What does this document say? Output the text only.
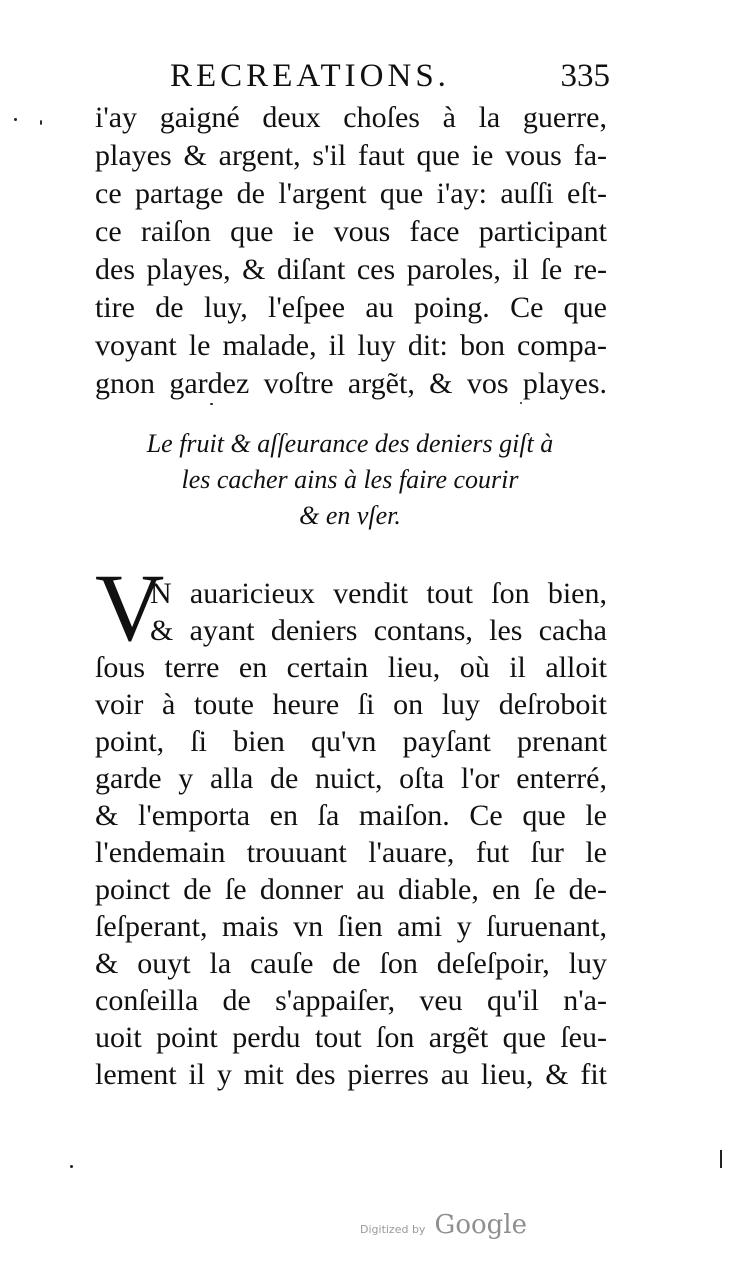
RECREATIONS.	335
i'ay gaigné deux choſes à la guerre,
playes & argent, s'il faut que ie vous fa-
ce partage de l'argent que i'ay: auſſi eſt-
ce raiſon que ie vous face participant
des playes, & diſant ces paroles, il ſe re-
tire de luy, l'eſpee au poing. Ce que
voyant le malade, il luy dit: bon compa-
gnon gardez voſtre argẽt, & vos playes.
Le fruit & aſſeurance des deniers giſt à
les cacher ains à les faire courir
& en vſer.
V
N auaricieux vendit tout ſon bien,
& ayant deniers contans, les cacha
ſous terre en certain lieu, où il alloit
voir à toute heure ſi on luy deſroboit
point, ſi bien qu'vn payſant prenant
garde y alla de nuict, oſta l'or enterré,
& l'emporta en ſa maiſon. Ce que le
l'endemain trouuant l'auare, fut ſur le
poinct de ſe donner au diable, en ſe de-
ſeſperant, mais vn ſien ami y ſuruenant,
& ouyt la cauſe de ſon deſeſpoir, luy
conſeilla de s'appaiſer, veu qu'il n'a-
uoit point perdu tout ſon argẽt que ſeu-
lement il y mit des pierres au lieu, & fit
Digitized by Google
